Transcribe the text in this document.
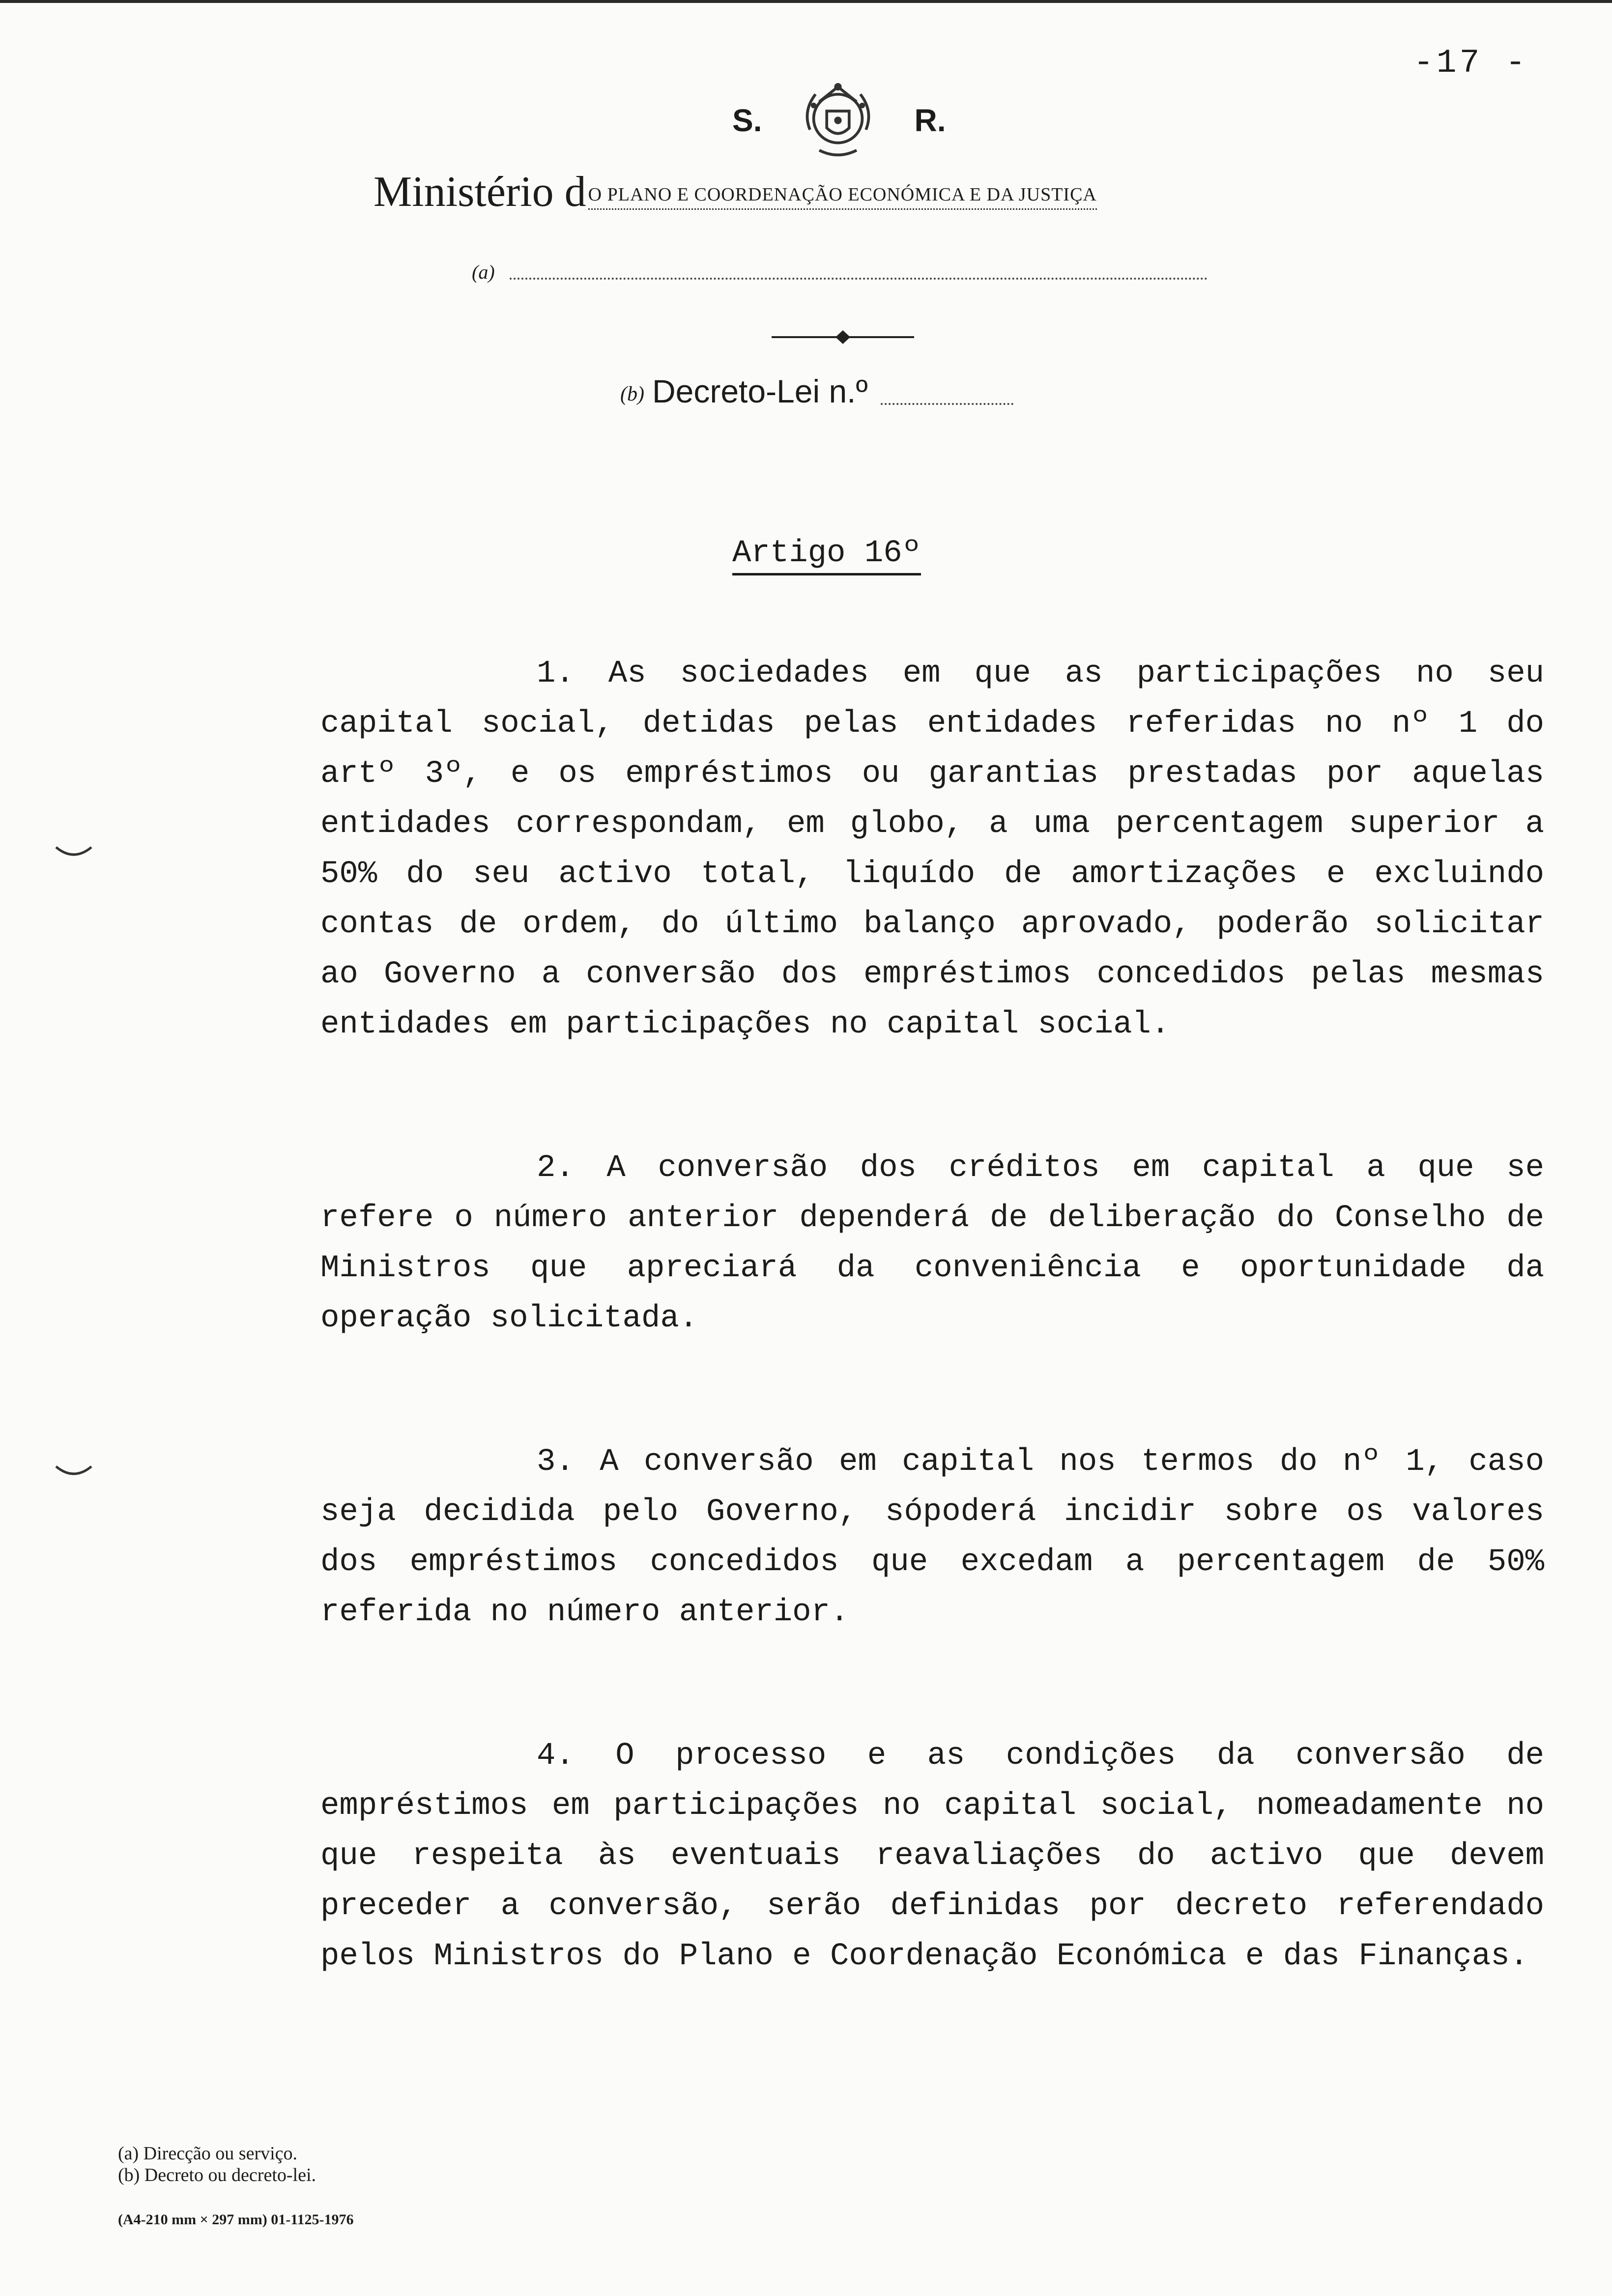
-17 -
S.	R.
Ministério d O PLANO E COORDENAÇÃO ECONÓMICA E DA JUSTIÇA
(a)
(b) Decreto-Lei n.º
Artigo 16º

1. As sociedades em que as participações no seu capital social, detidas pelas entidades referidas no nº 1 do artº 3º, e os empréstimos ou garantias prestadas por aquelas entidades correspondam, em globo, a uma percentagem superior a 50% do seu activo total, liquído de amortizações e excluindo contas de ordem, do último balanço aprovado, poderão solicitar ao Governo a conversão dos empréstimos concedidos pelas mesmas entidades em participações no capital social.

2. A conversão dos créditos em capital a que se refere o número anterior dependerá de deliberação do Conselho de Ministros que apreciará da conveniência e oportunidade da operação solicitada.

3. A conversão em capital nos termos do nº 1, caso seja decidida pelo Governo, sópoderá incidir sobre os valores dos empréstimos concedidos que excedam a percentagem de 50% referida no número anterior.

4. O processo e as condições da conversão de empréstimos em participações no capital social, nomeadamente no que respeita às eventuais reavaliações do activo que devem preceder a conversão, serão definidas por decreto referendado pelos Ministros do Plano e Coordenação Económica e das Finanças.

(a) Direcção ou serviço.
(b) Decreto ou decreto-lei.
(A4-210 mm × 297 mm) 01-1125-1976
